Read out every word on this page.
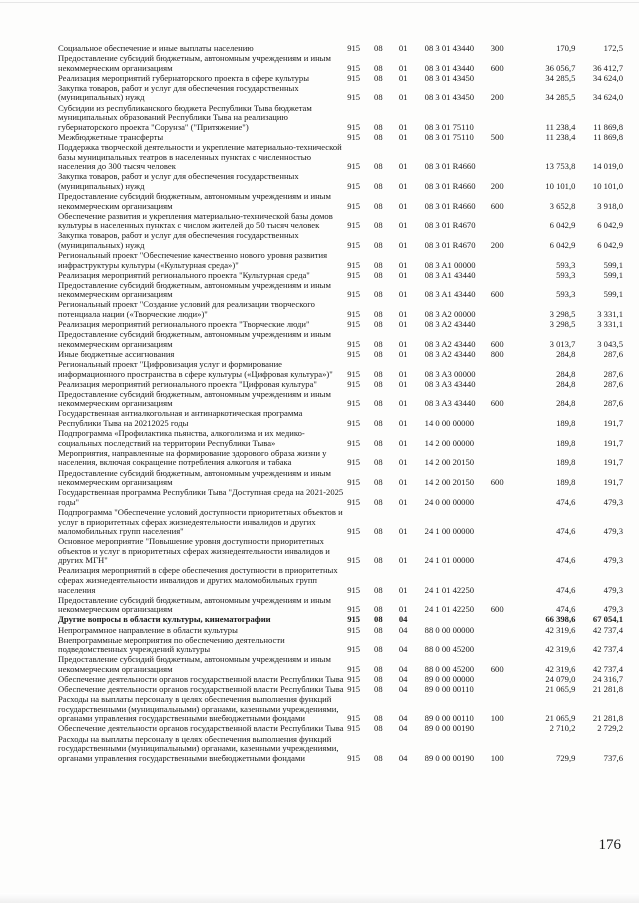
Социальное обеспечение и иные выплаты населению	915	08	01	08 3 01 43440	300	170,9	172,5
Предоставление субсидий бюджетным, автономным учреждениям и иным некоммерческим организациям	915	08	01	08 3 01 43440	600	36 056,7	36 412,7
Реализация мероприятий губернаторского проекта в сфере культуры	915	08	01	08 3 01 43450		34 285,5	34 624,0
Закупка товаров, работ и услуг для обеспечения государственных (муниципальных) нужд	915	08	01	08 3 01 43450	200	34 285,5	34 624,0
Субсидии из республиканского бюджета Республики Тыва бюджетам муниципальных образований Республики Тыва на реализацию губернаторского проекта "Сорунза" ("Притяжение")	915	08	01	08 3 01 75110		11 238,4	11 869,8
Межбюджетные трансферты	915	08	01	08 3 01 75110	500	11 238,4	11 869,8
Поддержка творческой деятельности и укрепление материально-технической базы муниципальных театров в населенных пунктах с численностью населения до 300 тысяч человек	915	08	01	08 3 01 R4660		13 753,8	14 019,0
Закупка товаров, работ и услуг для обеспечения государственных (муниципальных) нужд	915	08	01	08 3 01 R4660	200	10 101,0	10 101,0
Предоставление субсидий бюджетным, автономным учреждениям и иным некоммерческим организациям	915	08	01	08 3 01 R4660	600	3 652,8	3 918,0
Обеспечение развития и укрепления материально-технической базы домов культуры в населенных пунктах с числом жителей до 50 тысяч человек	915	08	01	08 3 01 R4670		6 042,9	6 042,9
Закупка товаров, работ и услуг для обеспечения государственных (муниципальных) нужд	915	08	01	08 3 01 R4670	200	6 042,9	6 042,9
Региональный проект "Обеспечение качественно нового уровня развития инфраструктуры культуры («Культурная среда»)"	915	08	01	08 3 A1 00000		593,3	599,1
Реализация мероприятий регионального проекта "Культурная среда"	915	08	01	08 3 A1 43440		593,3	599,1
Предоставление субсидий бюджетным, автономным учреждениям и иным некоммерческим организациям	915	08	01	08 3 A1 43440	600	593,3	599,1
Региональный проект "Создание условий для реализации творческого потенциала нации («Творческие люди»)"	915	08	01	08 3 A2 00000		3 298,5	3 331,1
Реализация мероприятий регионального проекта "Творческие люди"	915	08	01	08 3 A2 43440		3 298,5	3 331,1
Предоставление субсидий бюджетным, автономным учреждениям и иным некоммерческим организациям	915	08	01	08 3 A2 43440	600	3 013,7	3 043,5
Иные бюджетные ассигнования	915	08	01	08 3 A2 43440	800	284,8	287,6
Региональный проект "Цифровизация услуг и формирование информационного пространства в сфере культуры («Цифровая культура»)"	915	08	01	08 3 A3 00000		284,8	287,6
Реализация мероприятий регионального проекта "Цифровая культура"	915	08	01	08 3 A3 43440		284,8	287,6
Предоставление субсидий бюджетным, автономным учреждениям и иным некоммерческим организациям	915	08	01	08 3 A3 43440	600	284,8	287,6
Государственная антиалкогольная и антинаркотическая программа Республики Тыва на 20212025 годы	915	08	01	14 0 00 00000		189,8	191,7
Подпрограмма «Профилактика пьянства, алкоголизма и их медико-социальных последствий на территории Республики Тыва»	915	08	01	14 2 00 00000		189,8	191,7
Мероприятия, направленные на формирование здорового образа жизни у населения, включая сокращение потребления алкоголя и табака	915	08	01	14 2 00 20150		189,8	191,7
Предоставление субсидий бюджетным, автономным учреждениям и иным некоммерческим организациям	915	08	01	14 2 00 20150	600	189,8	191,7
Государственная программа Республики Тыва "Доступная среда на 2021-2025 годы"	915	08	01	24 0 00 00000		474,6	479,3
Подпрограмма "Обеспечение условий доступности приоритетных объектов и услуг в приоритетных сферах жизнедеятельности инвалидов и других маломобильных групп населения"	915	08	01	24 1 00 00000		474,6	479,3
Основное мероприятие "Повышение уровня доступности приоритетных объектов и услуг в приоритетных сферах жизнедеятельности инвалидов и других МГН"	915	08	01	24 1 01 00000		474,6	479,3
Реализация мероприятий в сфере обеспечения доступности в приоритетных сферах жизнедеятельности инвалидов и других маломобильных групп населения	915	08	01	24 1 01 42250		474,6	479,3
Предоставление субсидий бюджетным, автономным учреждениям и иным некоммерческим организациям	915	08	01	24 1 01 42250	600	474,6	479,3
Другие вопросы в области культуры, кинематографии	915	08	04			66 398,6	67 054,1
Непрограммное направление в области культуры	915	08	04	88 0 00 00000		42 319,6	42 737,4
Внепрограммные мероприятия по обеспечению деятельности подведомственных учреждений культуры	915	08	04	88 0 00 45200		42 319,6	42 737,4
Предоставление субсидий бюджетным, автономным учреждениям и иным некоммерческим организациям	915	08	04	88 0 00 45200	600	42 319,6	42 737,4
Обеспечение деятельности органов государственной власти Республики Тыва	915	08	04	89 0 00 00000		24 079,0	24 316,7
Обеспечение деятельности органов государственной власти Республики Тыва	915	08	04	89 0 00 00110		21 065,9	21 281,8
Расходы на выплаты персоналу в целях обеспечения выполнения функций государственными (муниципальными) органами, казенными учреждениями, органами управления государственными внебюджетными фондами	915	08	04	89 0 00 00110	100	21 065,9	21 281,8
Обеспечение деятельности органов государственной власти Республики Тыва	915	08	04	89 0 00 00190		2 710,2	2 729,2
Расходы на выплаты персоналу в целях обеспечения выполнения функций государственными (муниципальными) органами, казенными учреждениями, органами управления государственными внебюджетными фондами	915	08	04	89 0 00 00190	100	729,9	737,6
176
